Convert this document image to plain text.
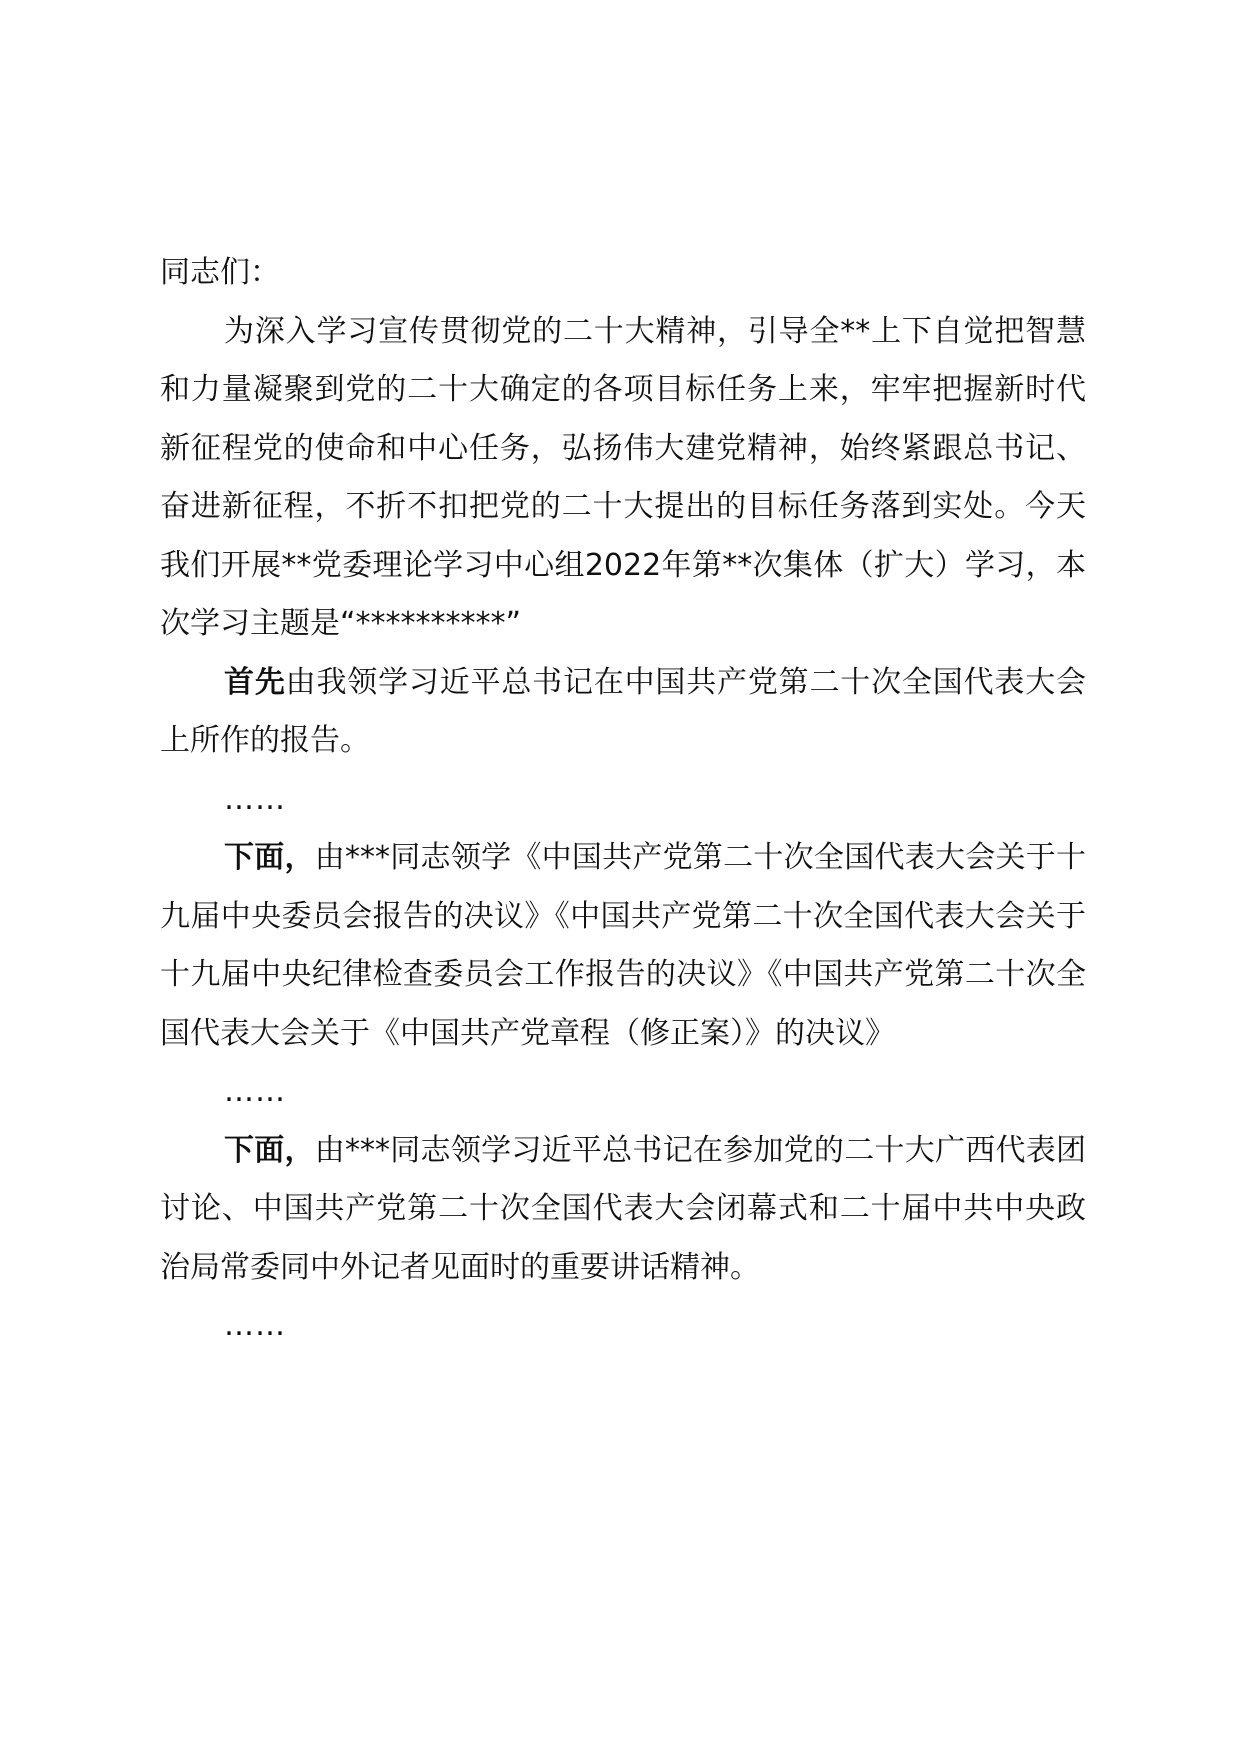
同志们：

为深入学习宣传贯彻党的二十大精神，引导全**上下自觉把智慧和力量凝聚到党的二十大确定的各项目标任务上来，牢牢把握新时代新征程党的使命和中心任务，弘扬伟大建党精神，始终紧跟总书记、奋进新征程，不折不扣把党的二十大提出的目标任务落到实处。今天我们开展**党委理论学习中心组2022年第**次集体（扩大）学习，本次学习主题是“**********”

首先由我领学习近平总书记在中国共产党第二十次全国代表大会上所作的报告。

……

下面，由***同志领学《中国共产党第二十次全国代表大会关于十九届中央委员会报告的决议》《中国共产党第二十次全国代表大会关于十九届中央纪律检查委员会工作报告的决议》《中国共产党第二十次全国代表大会关于《中国共产党章程（修正案）》的决议》

……

下面，由***同志领学习近平总书记在参加党的二十大广西代表团讨论、中国共产党第二十次全国代表大会闭幕式和二十届中共中央政治局常委同中外记者见面时的重要讲话精神。

……
